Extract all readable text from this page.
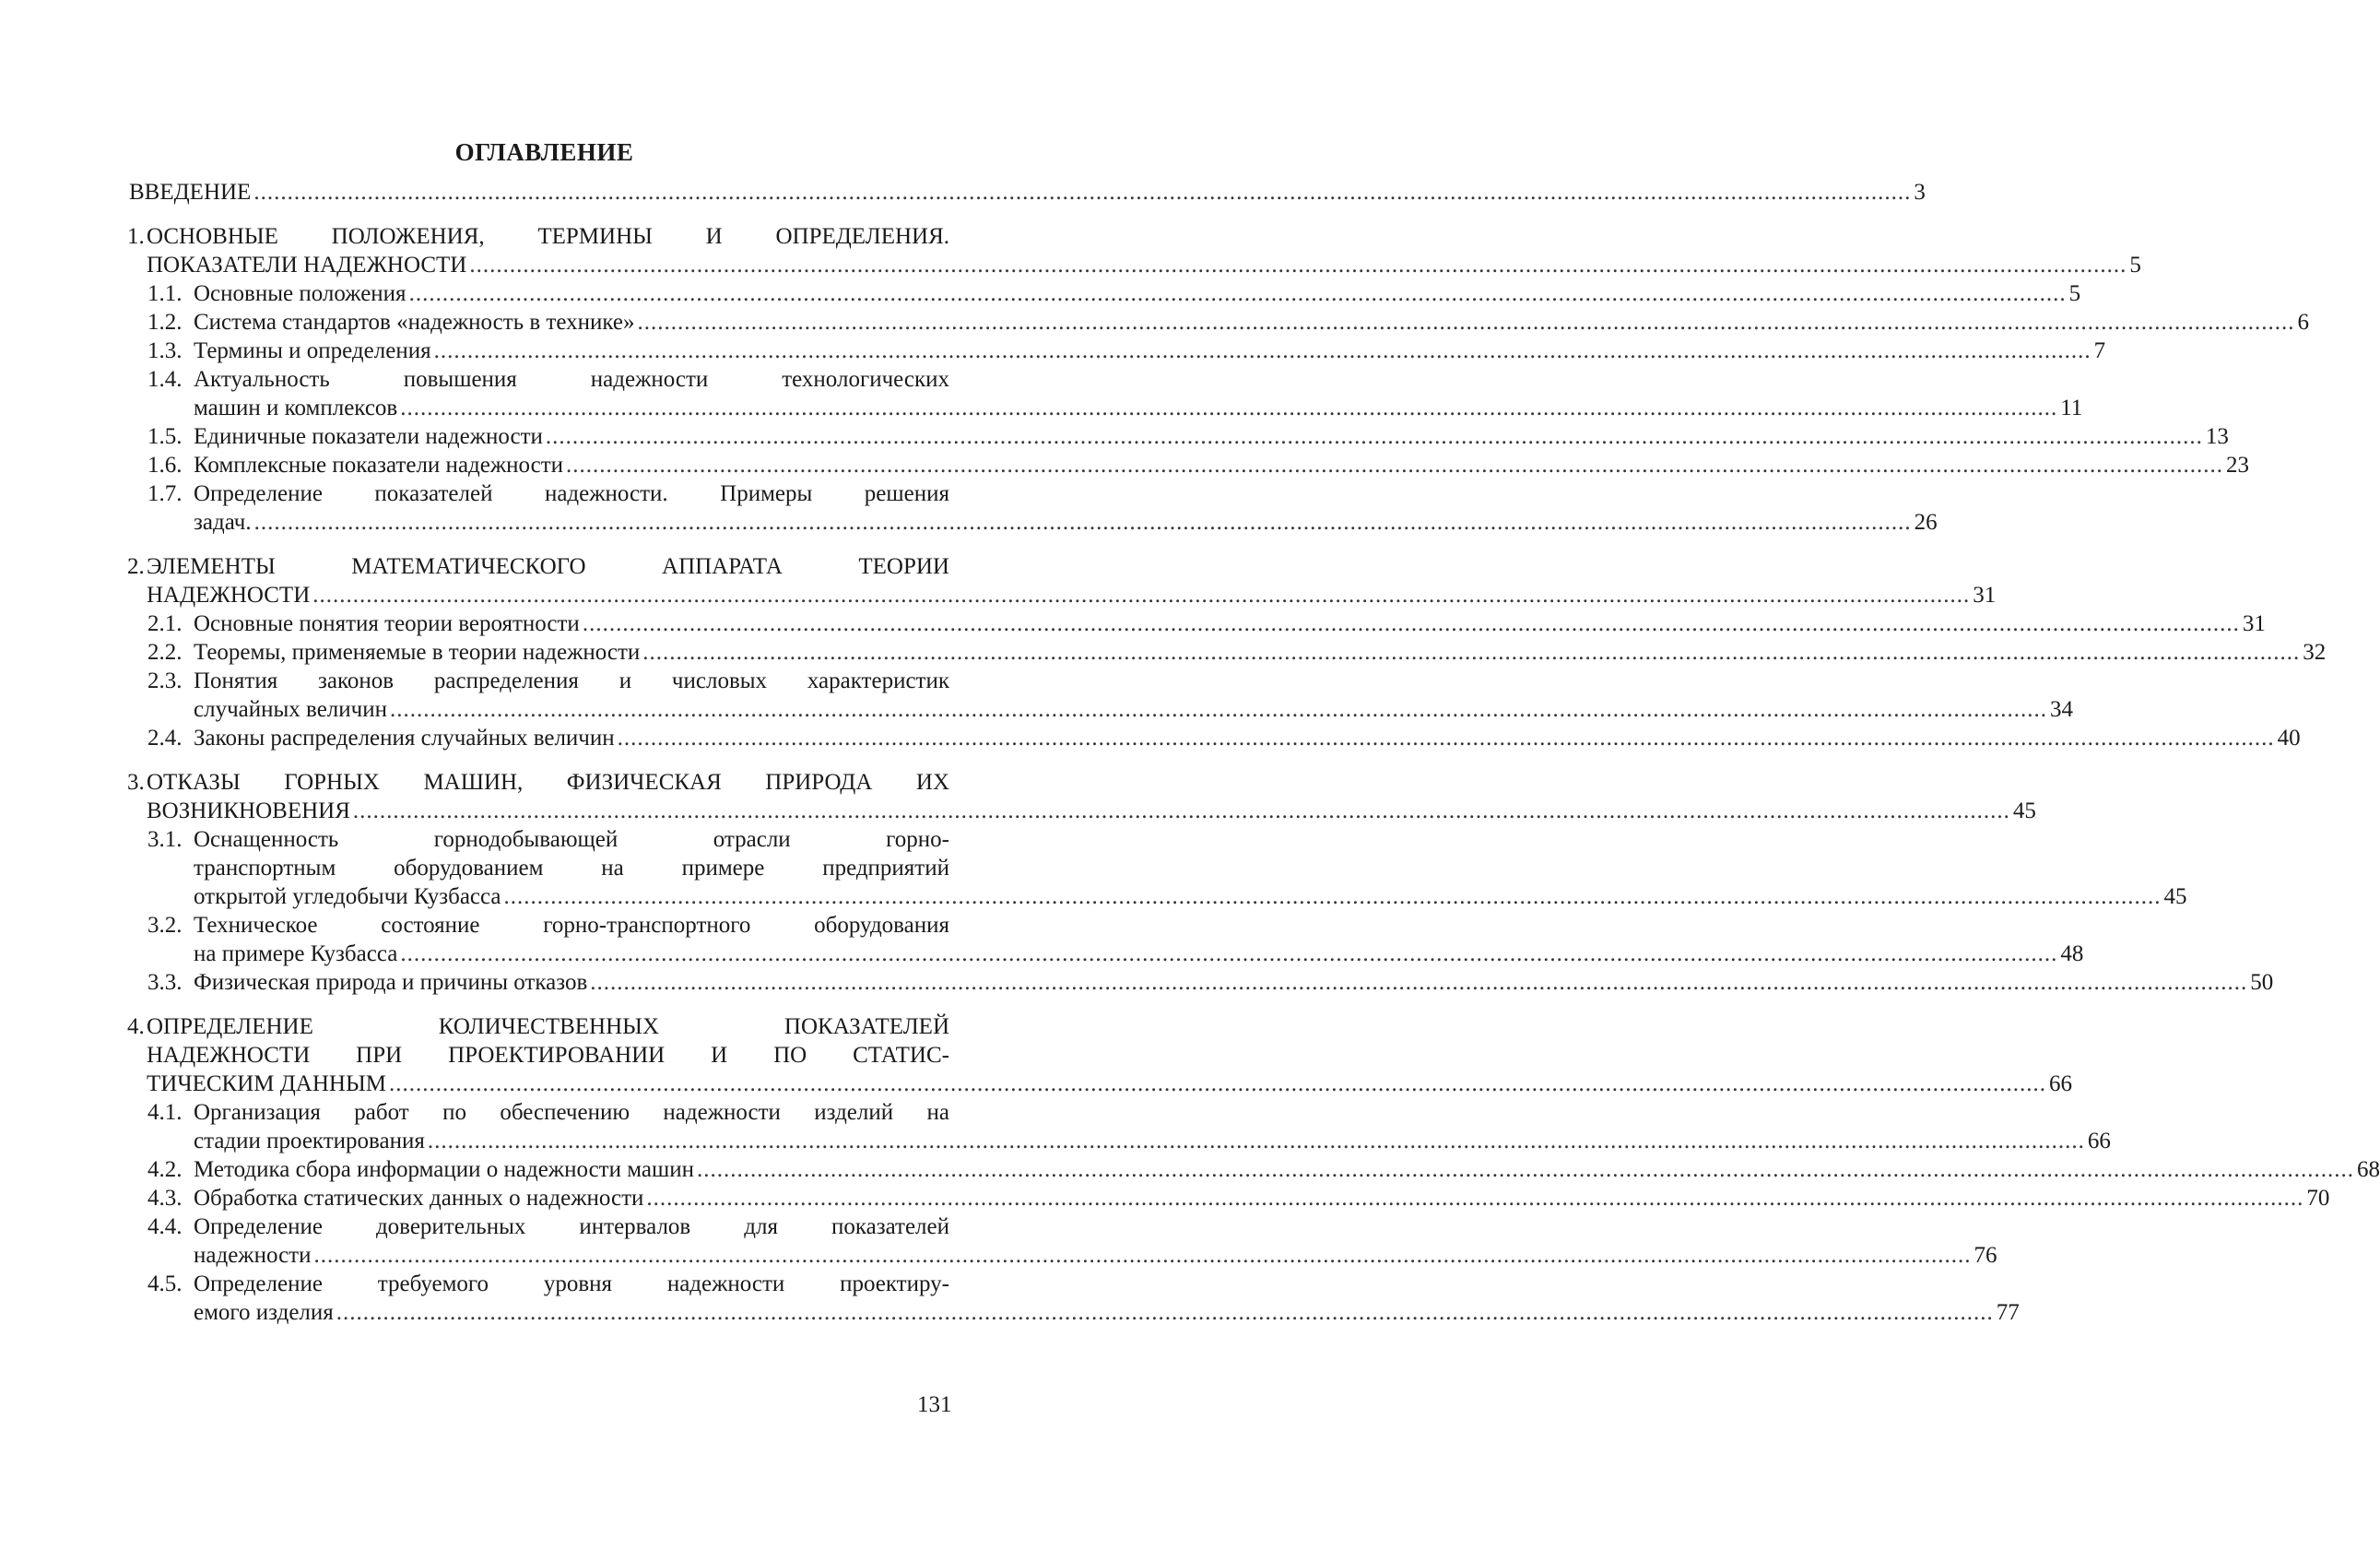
ОГЛАВЛЕНИЕ
ВВЕДЕНИЕ .....	3
1. ОСНОВНЫЕ ПОЛОЖЕНИЯ, ТЕРМИНЫ И ОПРЕДЕЛЕНИЯ.
ПОКАЗАТЕЛИ НАДЕЖНОСТИ .....	5
1.1. Основные положения .....	5
1.2. Система стандартов «надежность в технике» .....	6
1.3. Термины и определения .....	7
1.4. Актуальность повышения надежности технологических
машин и комплексов .....	11
1.5. Единичные показатели надежности .....	13
1.6. Комплексные показатели надежности .....	23
1.7. Определение показателей надежности. Примеры решения
задач. .....	26
2. ЭЛЕМЕНТЫ МАТЕМАТИЧЕСКОГО АППАРАТА ТЕОРИИ
НАДЕЖНОСТИ .....	31
2.1. Основные понятия теории вероятности .....	31
2.2. Теоремы, применяемые в теории надежности .....	32
2.3. Понятия законов распределения и числовых характеристик
случайных величин .....	34
2.4. Законы распределения случайных величин .....	40
3. ОТКАЗЫ ГОРНЫХ МАШИН, ФИЗИЧЕСКАЯ ПРИРОДА ИХ
ВОЗНИКНОВЕНИЯ .....	45
3.1. Оснащенность горнодобывающей отрасли горно-
транспортным оборудованием на примере предприятий
открытой угледобычи Кузбасса .....	45
3.2. Техническое состояние горно-транспортного оборудования
на примере Кузбасса .....	48
3.3. Физическая природа и причины отказов .....	50
4. ОПРЕДЕЛЕНИЕ КОЛИЧЕСТВЕННЫХ ПОКАЗАТЕЛЕЙ
НАДЕЖНОСТИ ПРИ ПРОЕКТИРОВАНИИ И ПО СТАТИС-
ТИЧЕСКИМ ДАННЫМ .....	66
4.1. Организация работ по обеспечению надежности изделий на
стадии проектирования .....	66
4.2. Методика сбора информации о надежности машин .....	68
4.3. Обработка статических данных о надежности .....	70
4.4. Определение доверительных интервалов для показателей
надежности .....	76
4.5. Определение требуемого уровня надежности проектиру-
емого изделия .....	77
131
